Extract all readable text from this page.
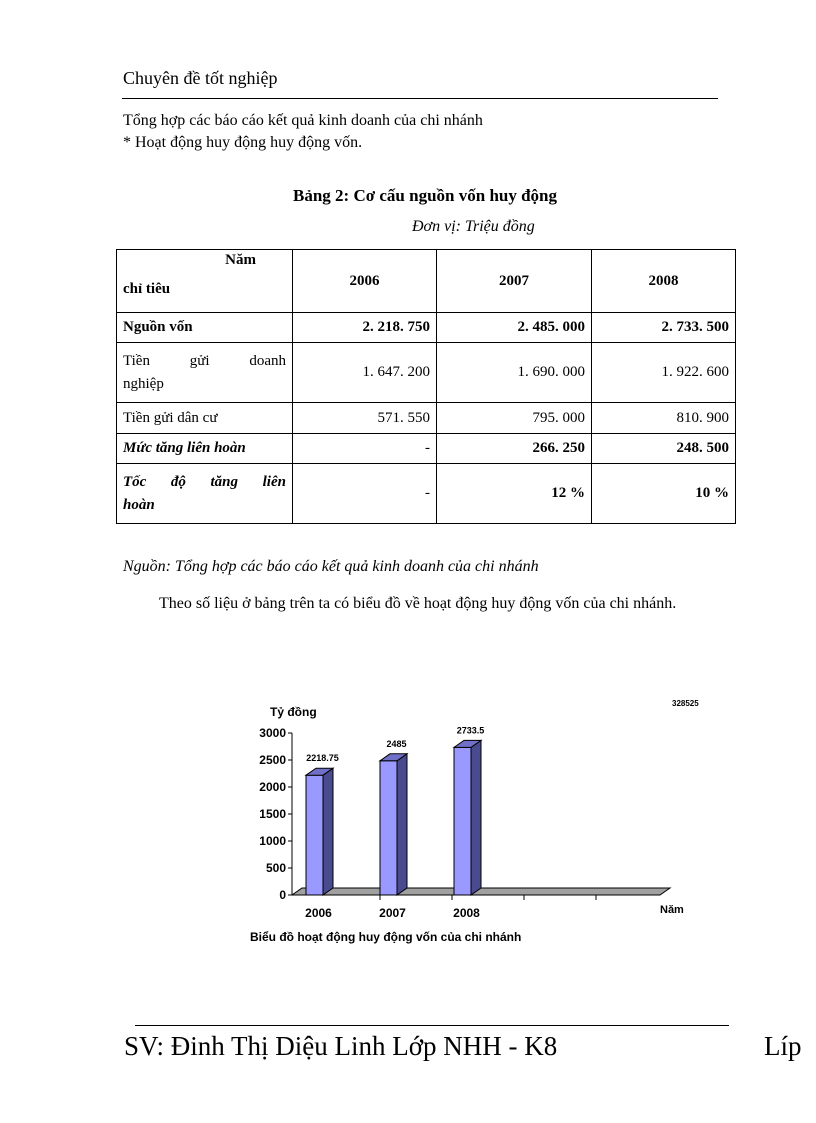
Chuyên đề tốt nghiệp
Tổng hợp các báo cáo kết quả kinh doanh của chi nhánh
* Hoạt động huy động huy động vốn.
Bảng 2: Cơ cấu nguồn vốn huy động
Đơn vị: Triệu đồng
Năm
chỉ tiêu	2006	2007	2008
Nguồn vốn	2. 218. 750	2. 485. 000	2. 733. 500

Tiền gửi doanh
nghiệp	1. 647. 200	1. 690. 000	1. 922. 600
Tiền gửi dân cư	571. 550	795. 000	810. 900
Mức tăng liên hoàn	-	266. 250	248. 500

Tốc độ tăng liên
hoàn	-	12 %	10 %
Nguồn: Tổng hợp các báo cáo kết quả kinh doanh của chi nhánh
Theo số liệu ở bảng trên ta có biểu đồ về hoạt động huy động vốn của chi nhánh.
Tỷ đồng
0
500
1000
1500
2000
2500
3000
2218.75
2006
2485
2007
2733.5
2008	Năm
Biểu đồ hoạt động huy động vốn của chi nhánh
328525
SV: Đinh Thị Diệu Linh Lớp NHH - K8	Líp
